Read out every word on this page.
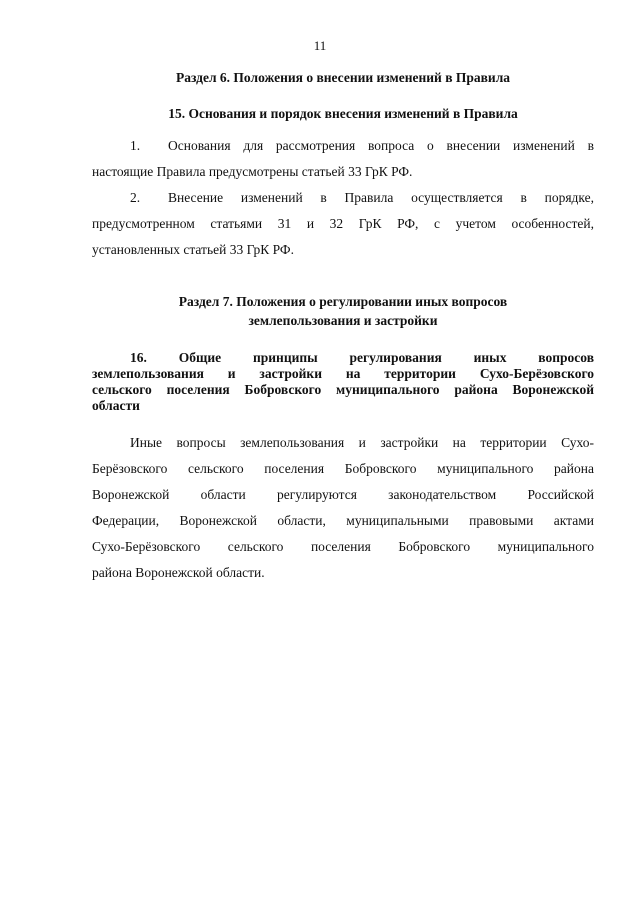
11
Раздел 6. Положения о внесении изменений в Правила
15. Основания и порядок внесения изменений в Правила
1. Основания для рассмотрения вопроса о внесении изменений в
настоящие Правила предусмотрены статьей 33 ГрК РФ.
2. Внесение изменений в Правила осуществляется в порядке,
предусмотренном статьями 31 и 32 ГрК РФ, с учетом особенностей,
установленных статьей 33 ГрК РФ.
Раздел 7. Положения о регулировании иных вопросов
землепользования и застройки
16. Общие принципы регулирования иных вопросов
землепользования и застройки на территории Сухо-Берёзовского
сельского поселения Бобровского муниципального района Воронежской
области
Иные вопросы землепользования и застройки на территории Сухо-
Берёзовского сельского поселения Бобровского муниципального района
Воронежской области регулируются законодательством Российской
Федерации, Воронежской области, муниципальными правовыми актами
Сухо-Берёзовского сельского поселения Бобровского муниципального
района Воронежской области.
